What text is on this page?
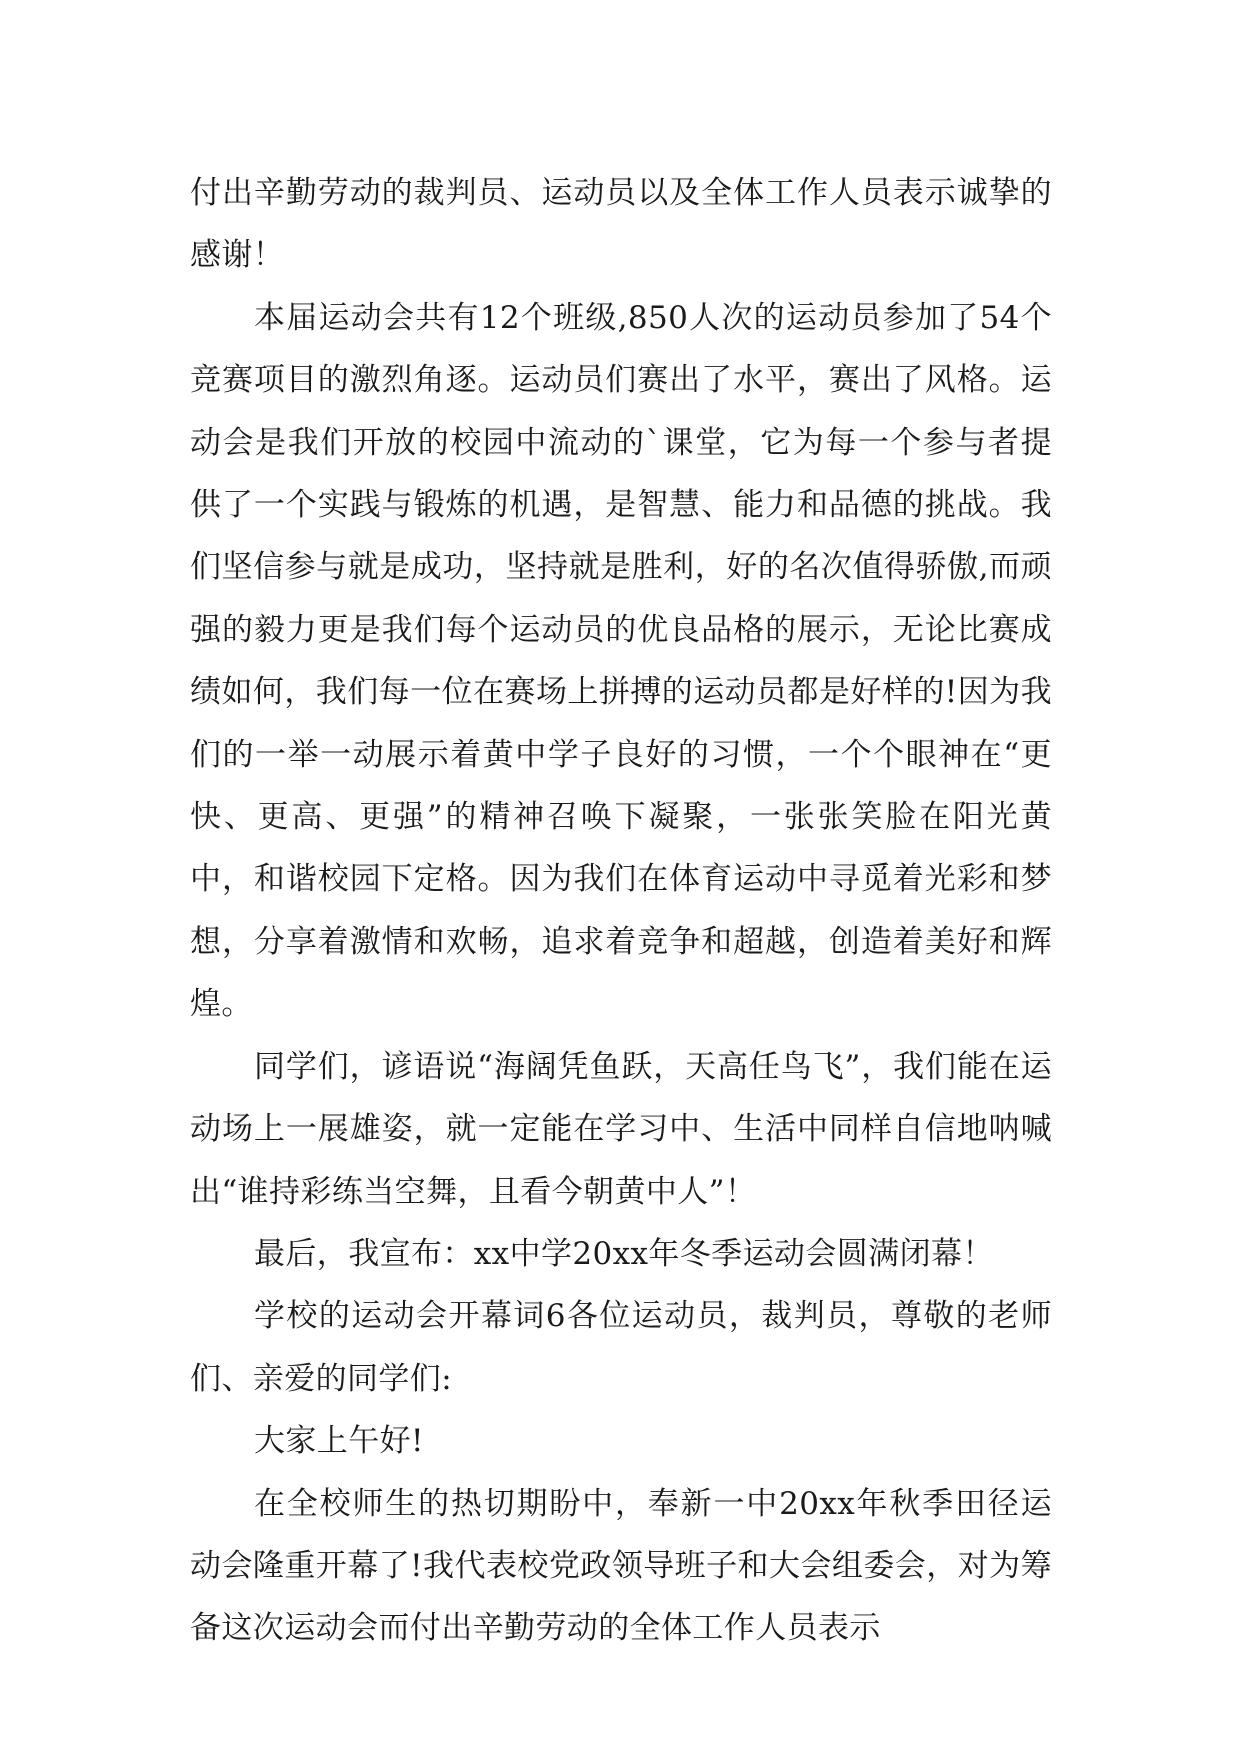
付出辛勤劳动的裁判员、运动员以及全体工作人员表示诚挚的感谢！

本届运动会共有12个班级,850人次的运动员参加了54个竞赛项目的激烈角逐。运动员们赛出了水平，赛出了风格。运动会是我们开放的校园中流动的`课堂，它为每一个参与者提供了一个实践与锻炼的机遇，是智慧、能力和品德的挑战。我们坚信参与就是成功，坚持就是胜利，好的名次值得骄傲,而顽强的毅力更是我们每个运动员的优良品格的展示，无论比赛成绩如何，我们每一位在赛场上拼搏的运动员都是好样的!因为我们的一举一动展示着黄中学子良好的习惯，一个个眼神在“更快、更高、更强”的精神召唤下凝聚，一张张笑脸在阳光黄中，和谐校园下定格。因为我们在体育运动中寻觅着光彩和梦想，分享着激情和欢畅，追求着竞争和超越，创造着美好和辉煌。

同学们，谚语说“海阔凭鱼跃，天高任鸟飞”，我们能在运动场上一展雄姿，就一定能在学习中、生活中同样自信地呐喊出“谁持彩练当空舞，且看今朝黄中人”！

最后，我宣布：xx中学20xx年冬季运动会圆满闭幕！

学校的运动会开幕词6各位运动员，裁判员，尊敬的老师们、亲爱的同学们:

大家上午好!

在全校师生的热切期盼中，奉新一中20xx年秋季田径运动会隆重开幕了!我代表校党政领导班子和大会组委会，对为筹备这次运动会而付出辛勤劳动的全体工作人员表示
